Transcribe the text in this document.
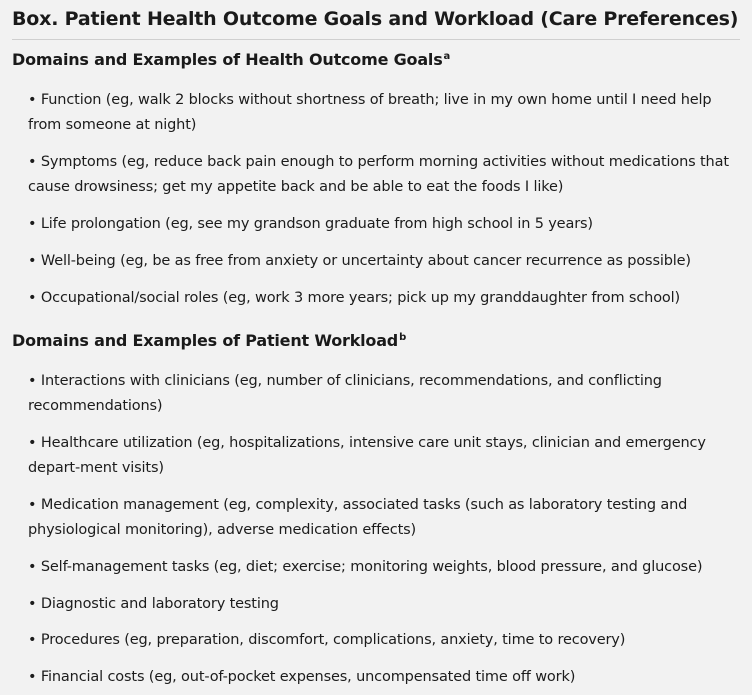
Box. Patient Health Outcome Goals and Workload (Care Preferences)
Domains and Examples of Health Outcome Goals$^a$

• Function (eg, walk 2 blocks without shortness of breath; live in my own home until I need help from someone at night)

• Symptoms (eg, reduce back pain enough to perform morning activities without medications that cause drowsiness; get my appetite back and be able to eat the foods I like)

• Life prolongation (eg, see my grandson graduate from high school in 5 years)

• Well-being (eg, be as free from anxiety or uncertainty about cancer recurrence as possible)

• Occupational/social roles (eg, work 3 more years; pick up my granddaughter from school)

Domains and Examples of Patient Workload$^b$

• Interactions with clinicians (eg, number of clinicians, recommendations, and conflicting recommendations)

• Healthcare utilization (eg, hospitalizations, intensive care unit stays, clinician and emergency depart-ment visits)

• Medication management (eg, complexity, associated tasks (such as laboratory testing and physiological monitoring), adverse medication effects)

• Self-management tasks (eg, diet; exercise; monitoring weights, blood pressure, and glucose)

• Diagnostic and laboratory testing

• Procedures (eg, preparation, discomfort, complications, anxiety, time to recovery)

• Financial costs (eg, out-of-pocket expenses, uncompensated time off work)
